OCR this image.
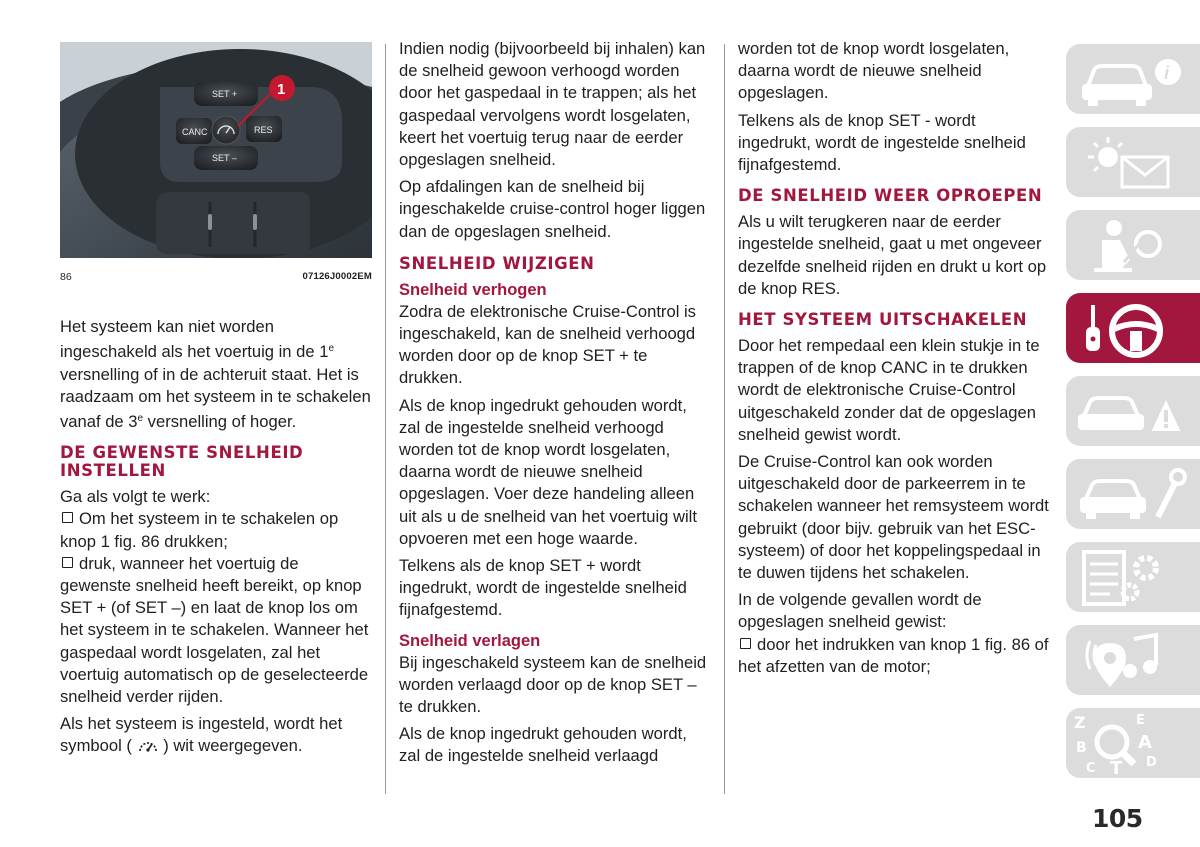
CANC	RES
SET +
SET –
1
86	07126J0002EM

Het systeem kan niet worden ingeschakeld als het voertuig in de 1e versnelling of in de achteruit staat. Het is raadzaam om het systeem in te schakelen vanaf de 3e versnelling of hoger.

DE GEWENSTE SNELHEID INSTELLEN

Ga als volgt te werk:

Om het systeem in te schakelen op knop 1 fig. 86 drukken;

druk, wanneer het voertuig de gewenste snelheid heeft bereikt, op knop SET + (of SET –) en laat de knop los om het systeem in te schakelen. Wanneer het gaspedaal wordt losgelaten, zal het voertuig automatisch op de geselecteerde snelheid verder rijden.

Als het systeem is ingesteld, wordt het symbool ( ) wit weergegeven.

Indien nodig (bijvoorbeeld bij inhalen) kan de snelheid gewoon verhoogd worden door het gaspedaal in te trappen; als het gaspedaal vervolgens wordt losgelaten, keert het voertuig terug naar de eerder opgeslagen snelheid.

Op afdalingen kan de snelheid bij ingeschakelde cruise-control hoger liggen dan de opgeslagen snelheid.

SNELHEID WIJZIGEN
Snelheid verhogen

Zodra de elektronische Cruise-Control is ingeschakeld, kan de snelheid verhoogd worden door op de knop SET + te drukken.

Als de knop ingedrukt gehouden wordt, zal de ingestelde snelheid verhoogd worden tot de knop wordt losgelaten, daarna wordt de nieuwe snelheid opgeslagen. Voer deze handeling alleen uit als u de snelheid van het voertuig wilt opvoeren met een hoge waarde.

Telkens als de knop SET + wordt ingedrukt, wordt de ingestelde snelheid fijnafgestemd.

Snelheid verlagen

Bij ingeschakeld systeem kan de snelheid worden verlaagd door op de knop SET – te drukken.

Als de knop ingedrukt gehouden wordt, zal de ingestelde snelheid verlaagd

worden tot de knop wordt losgelaten, daarna wordt de nieuwe snelheid opgeslagen.

Telkens als de knop SET - wordt ingedrukt, wordt de ingestelde snelheid fijnafgestemd.

DE SNELHEID WEER OPROEPEN

Als u wilt terugkeren naar de eerder ingestelde snelheid, gaat u met ongeveer dezelfde snelheid rijden en drukt u kort op de knop RES.

HET SYSTEEM UITSCHAKELEN

Door het rempedaal een klein stukje in te trappen of de knop CANC in te drukken wordt de elektronische Cruise-Control uitgeschakeld zonder dat de opgeslagen snelheid gewist wordt.

De Cruise-Control kan ook worden uitgeschakeld door de parkeerrem in te schakelen wanneer het remsysteem wordt gebruikt (door bijv. gebruik van het ESC-systeem) of door het koppelingspedaal in te duwen tijdens het schakelen.

In de volgende gevallen wordt de opgeslagen snelheid gewist:

door het indrukken van knop 1 fig. 86 of het afzetten van de motor;

i
Z	E
A
B
C T D
105
